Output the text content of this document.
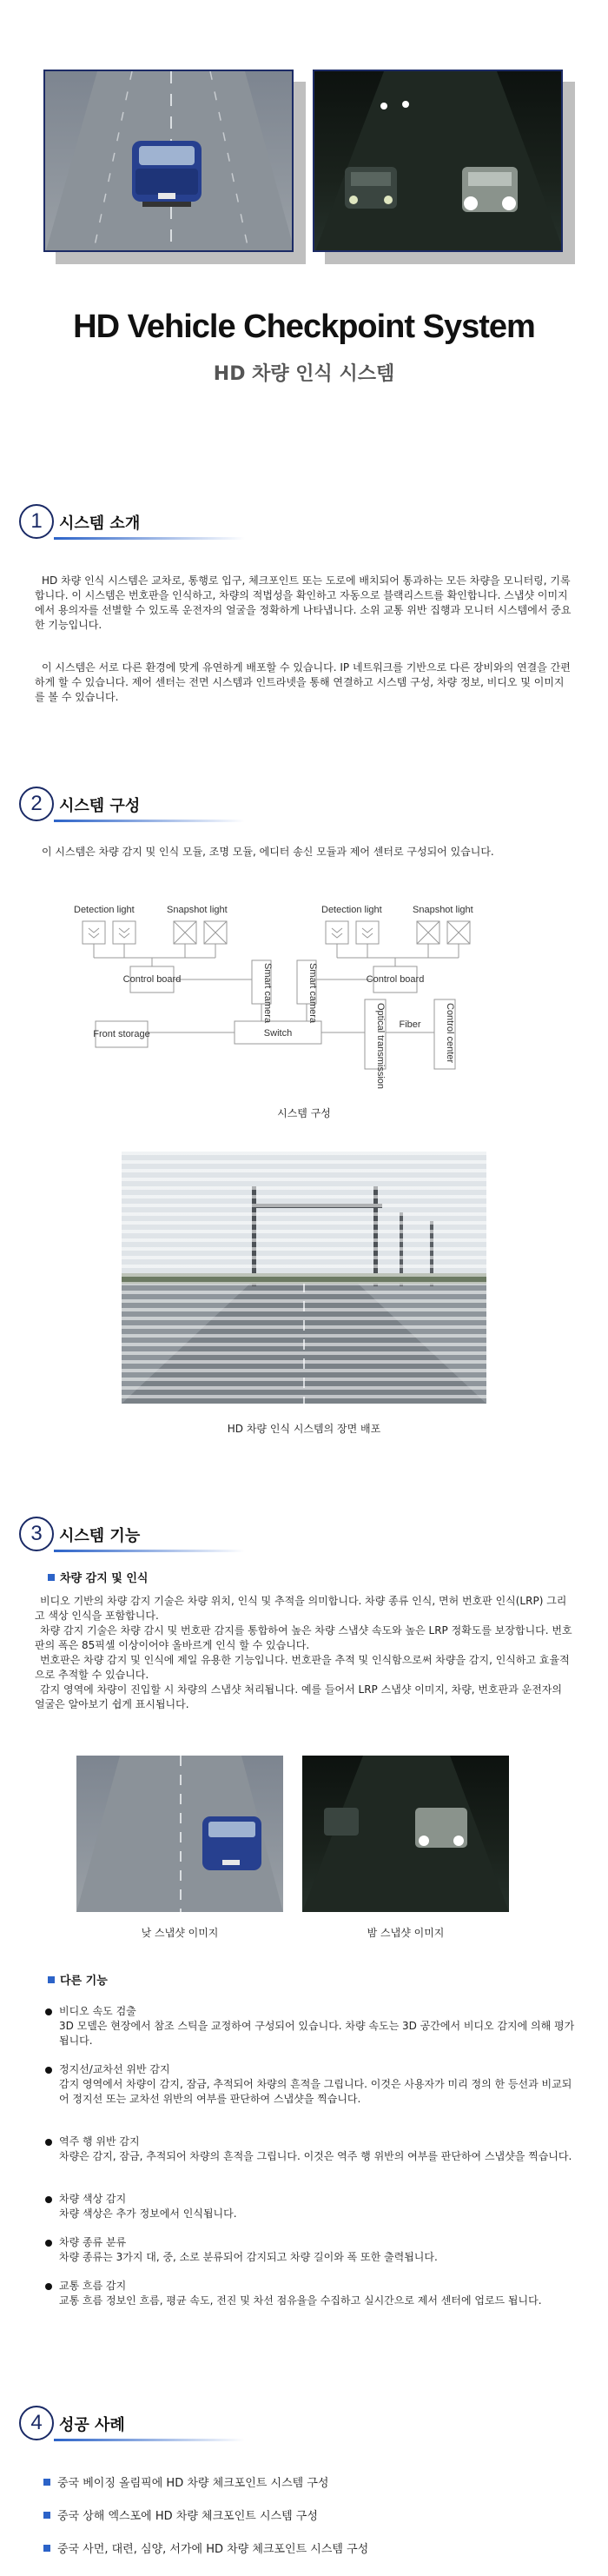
HD Vehicle Checkpoint System
HD 차량 인식 시스템
1	시스템 소개
HD 차량 인식 시스템은 교차로, 통행로 입구, 체크포인트 또는 도로에 배치되어 통과하는 모든 차량을 모니터링, 기록합니다. 이 시스템은 번호판을 인식하고, 차량의 적법성을 확인하고 자동으로 블랙리스트를 확인합니다. 스냅샷 이미지에서 용의자를 선별할 수 있도록 운전자의 얼굴을 정확하게 나타냅니다. 소위 교통 위반 집행과 모니터 시스템에서 중요한 기능입니다.
이 시스템은 서로 다른 환경에 맞게 유연하게 배포할 수 있습니다. IP 네트워크를 기반으로 다른 장비와의 연결을 간편하게 할 수 있습니다. 제어 센터는 전면 시스템과 인트라넷을 통해 연결하고 시스템 구성, 차량 정보, 비디오 및 이미지를 볼 수 있습니다.
2	시스템 구성
이 시스템은 차량 감지 및 인식 모듈, 조명 모듈, 에디터 송신 모듈과 제어 센터로 구성되어 있습니다.
Detection light	Snapshot light	Detection light	Snapshot light
Control board	Control board
Smart camera	Smart camera
Front storage	Switch	Optical transmission Fiber Control center
시스템 구성
HD 차량 인식 시스템의 장면 배포
3	시스템 기능
차량 감지 및 인식
비디오 기반의 차량 감지 기술은 차량 위치, 인식 및 추적을 의미합니다. 차량 종류 인식, 면허 번호판 인식(LRP) 그리고 색상 인식을 포함합니다.
차량 감지 기술은 차량 감시 및 번호판 감지를 통합하여 높은 차량 스냅샷 속도와 높은 LRP 정확도를 보장합니다. 번호판의 폭은 85픽셀 이상이어야 올바르게 인식 할 수 있습니다.
번호판은 차량 감지 및 인식에 제일 유용한 기능입니다. 번호판을 추적 및 인식함으로써 차량을 감지, 인식하고 효율적으로 추적할 수 있습니다.
감지 영역에 차량이 진입할 시 차량의 스냅샷 처리됩니다. 예를 들어서 LRP 스냅샷 이미지, 차량, 번호판과 운전자의 얼굴은 알아보기 쉽게 표시됩니다.
낮 스냅샷 이미지	밤 스냅샷 이미지
다른 기능
비디오 속도 검출
3D 모델은 현장에서 참조 스틱을 교정하여 구성되어 있습니다. 차량 속도는 3D 공간에서 비디오 감지에 의해 평가됩니다.
정지선/교차선 위반 감지
감지 영역에서 차량이 감지, 잠금, 추적되어 차량의 흔적을 그립니다. 이것은 사용자가 미리 정의 한 등선과 비교되어 정지선 또는 교차선 위반의 여부를 판단하여 스냅샷을 찍습니다.
역주 행 위반 감지
차량은 감지, 잠금, 추적되어 차량의 흔적을 그립니다. 이것은 역주 행 위반의 여부를 판단하여 스냅샷을 찍습니다.
차량 색상 감지
차량 색상은 추가 정보에서 인식됩니다.
차량 종류 분류
차량 종류는 3가지 대, 중, 소로 분류되어 감지되고 차량 길이와 폭 또한 출력됩니다.
교통 흐름 감지
교통 흐름 정보인 흐름, 평균 속도, 전진 및 차선 점유율을 수집하고 실시간으로 제서 센터에 업로드 됩니다.
4	성공 사례
중국 베이징 올림픽에 HD 차량 체크포인트 시스템 구성
중국 상해 엑스포에 HD 차량 체크포인트 시스템 구성
중국 사먼, 대련, 심양, 서가에 HD 차량 체크포인트 시스템 구성
